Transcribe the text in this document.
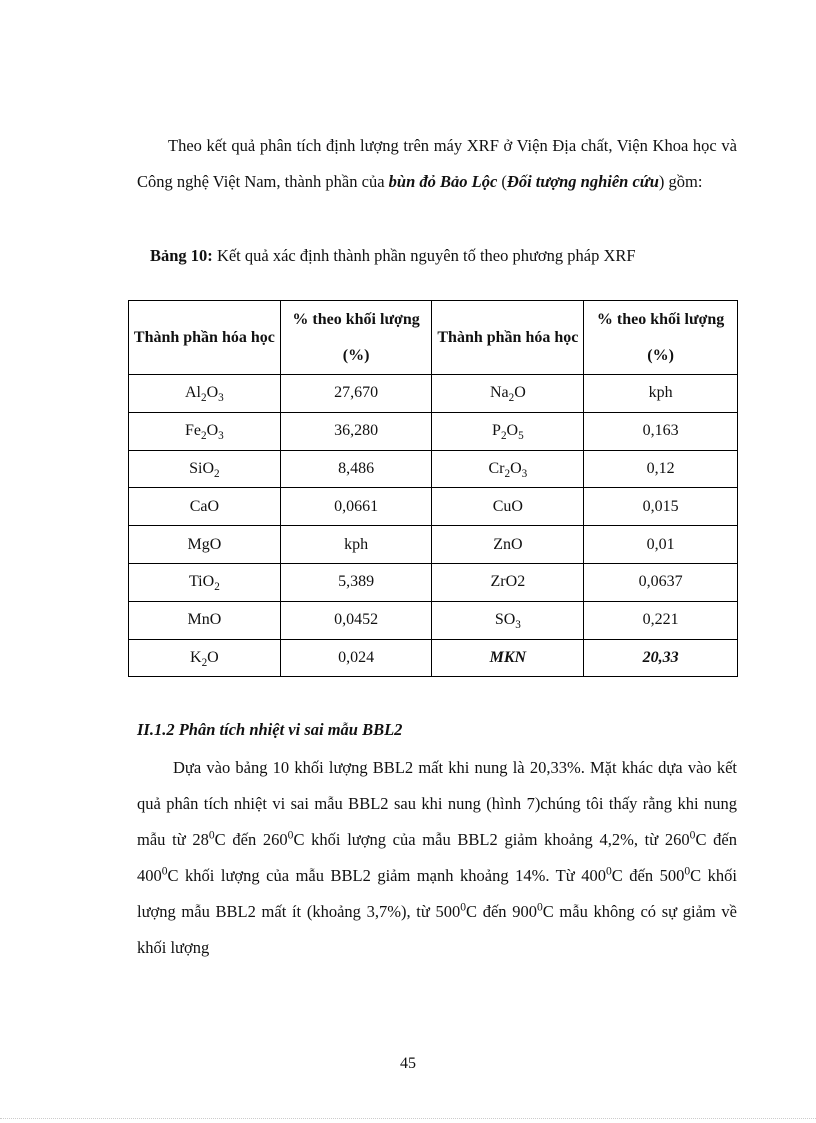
Theo kết quả phân tích định lượng trên máy XRF ở Viện Địa chất, Viện Khoa học và Công nghệ Việt Nam, thành phần của bùn đỏ Bảo Lộc (Đối tượng nghiên cứu) gồm:

Bảng 10: Kết quả xác định thành phần nguyên tố theo phương pháp XRF

Thành phần hóa học	% theo khối lượng (%)	Thành phần hóa học	% theo khối lượng (%)
$Al_2O_3$	27,670	$Na_2O$	kph
$Fe_2O_3$	36,280	$P_2O_5$	0,163
SiO$_2$	8,486	$Cr_2O_3$	0,12
CaO	0,0661	CuO	0,015
MgO	kph	ZnO	0,01
TiO$_2$	5,389	ZrO2	0,0637
MnO	0,0452	$SO_3$	0,221
$K_2O$	0,024	MKN	20,33

II.1.2 Phân tích nhiệt vi sai mẫu BBL2

Dựa vào bảng 10 khối lượng BBL2 mất khi nung là 20,33%. Mặt khác dựa vào kết quả phân tích nhiệt vi sai mẫu BBL2 sau khi nung (hình 7)chúng tôi thấy rằng khi nung mẫu từ $28^0C$ đến $260^0C$ khối lượng của mẫu BBL2 giảm khoảng 4,2%, từ $260^0C$ đến $400^0C$ khối lượng của mẫu BBL2 giảm mạnh khoảng 14%. Từ $400^0C$ đến $500^0C$ khối lượng mẫu BBL2 mất ít (khoảng 3,7%), từ $500^0C$ đến $900^0C$ mẫu không có sự giảm về khối lượng

45
